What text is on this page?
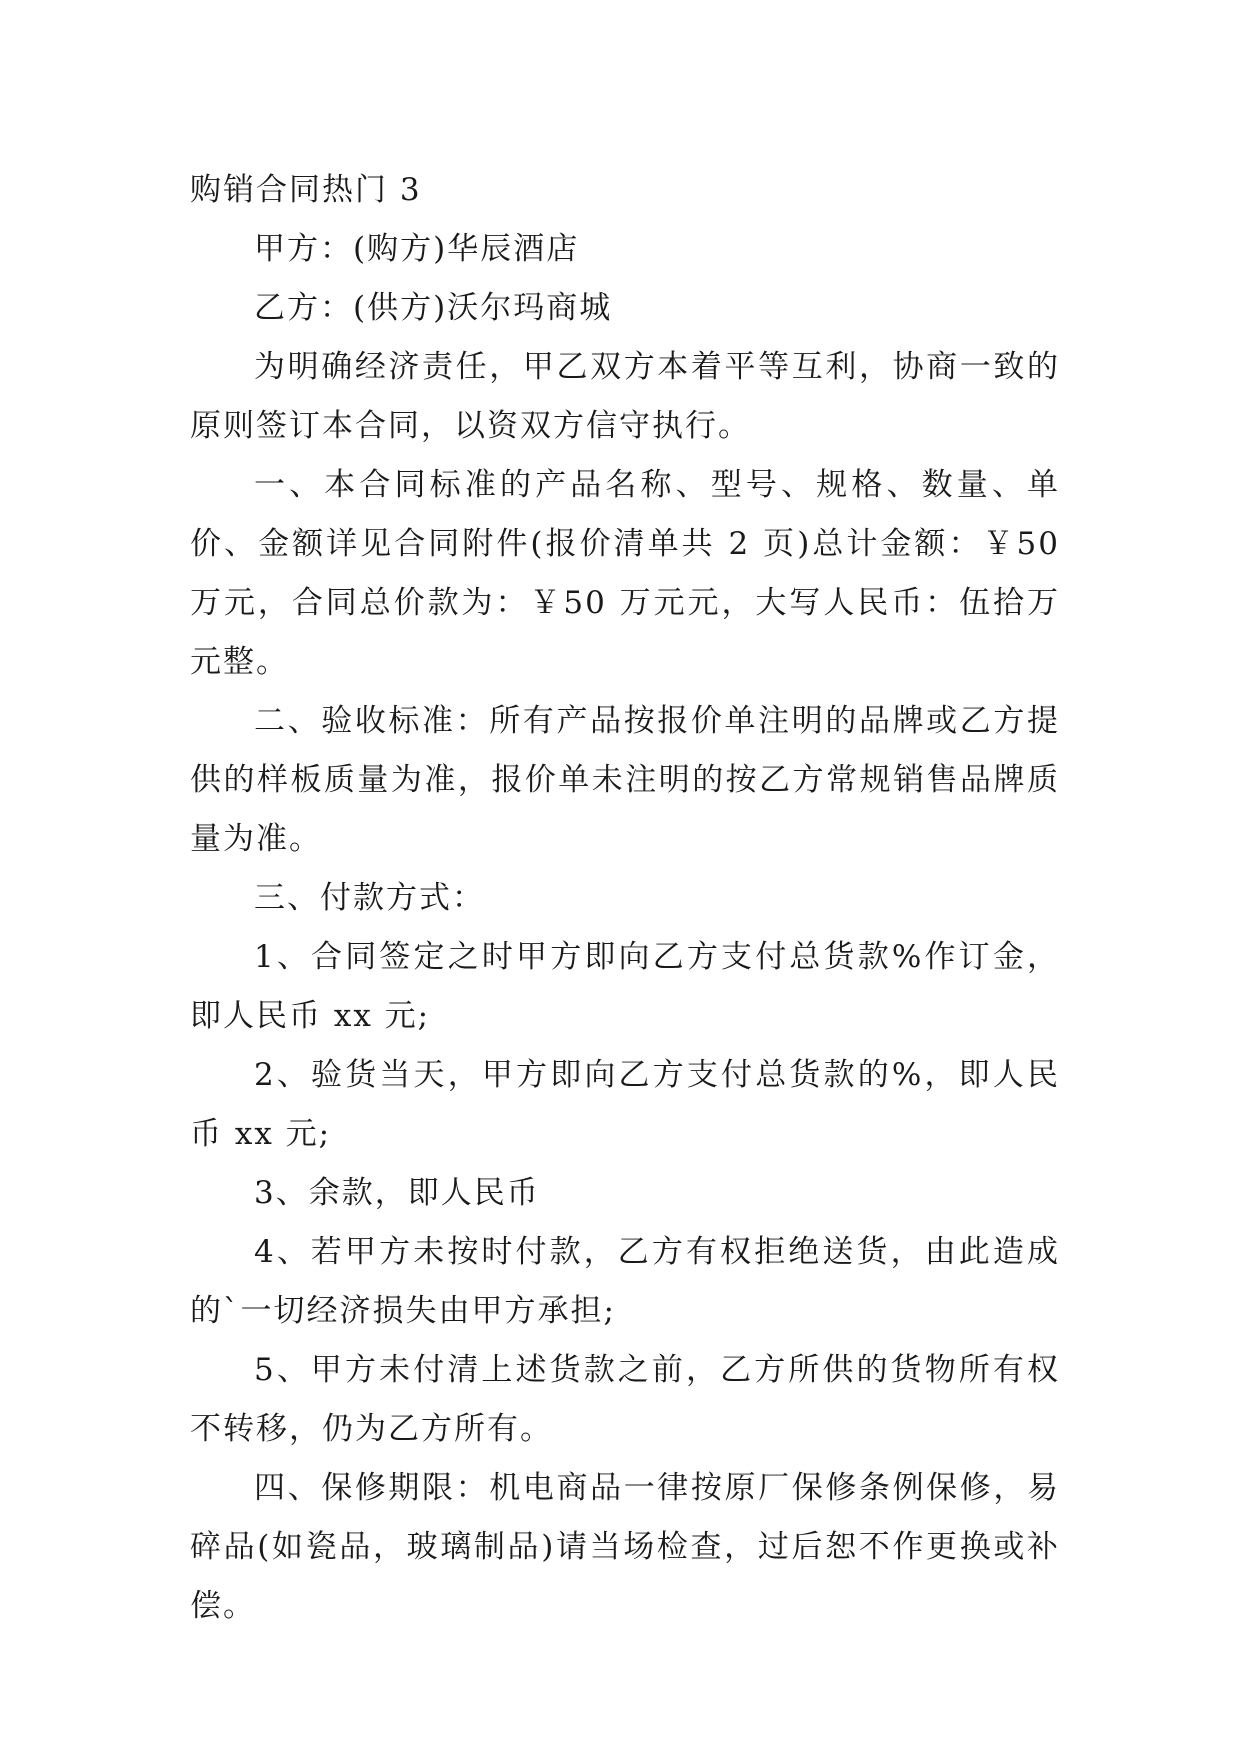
购销合同热门 3

甲方：(购方)华辰酒店

乙方：(供方)沃尔玛商城

为明确经济责任，甲乙双方本着平等互利，协商一致的原则签订本合同，以资双方信守执行。

一、本合同标准的产品名称、型号、规格、数量、单价、金额详见合同附件(报价清单共 2 页)总计金额：￥50 万元，合同总价款为：￥50 万元元，大写人民币：伍拾万元整。

二、验收标准：所有产品按报价单注明的品牌或乙方提供的样板质量为准，报价单未注明的按乙方常规销售品牌质量为准。

三、付款方式：

1、合同签定之时甲方即向乙方支付总货款%作订金，即人民币 xx 元;

2、验货当天，甲方即向乙方支付总货款的%，即人民币 xx 元;

3、余款，即人民币

4、若甲方未按时付款，乙方有权拒绝送货，由此造成的`一切经济损失由甲方承担;

5、甲方未付清上述货款之前，乙方所供的货物所有权不转移，仍为乙方所有。

四、保修期限：机电商品一律按原厂保修条例保修，易碎品(如瓷品，玻璃制品)请当场检查，过后恕不作更换或补偿。
